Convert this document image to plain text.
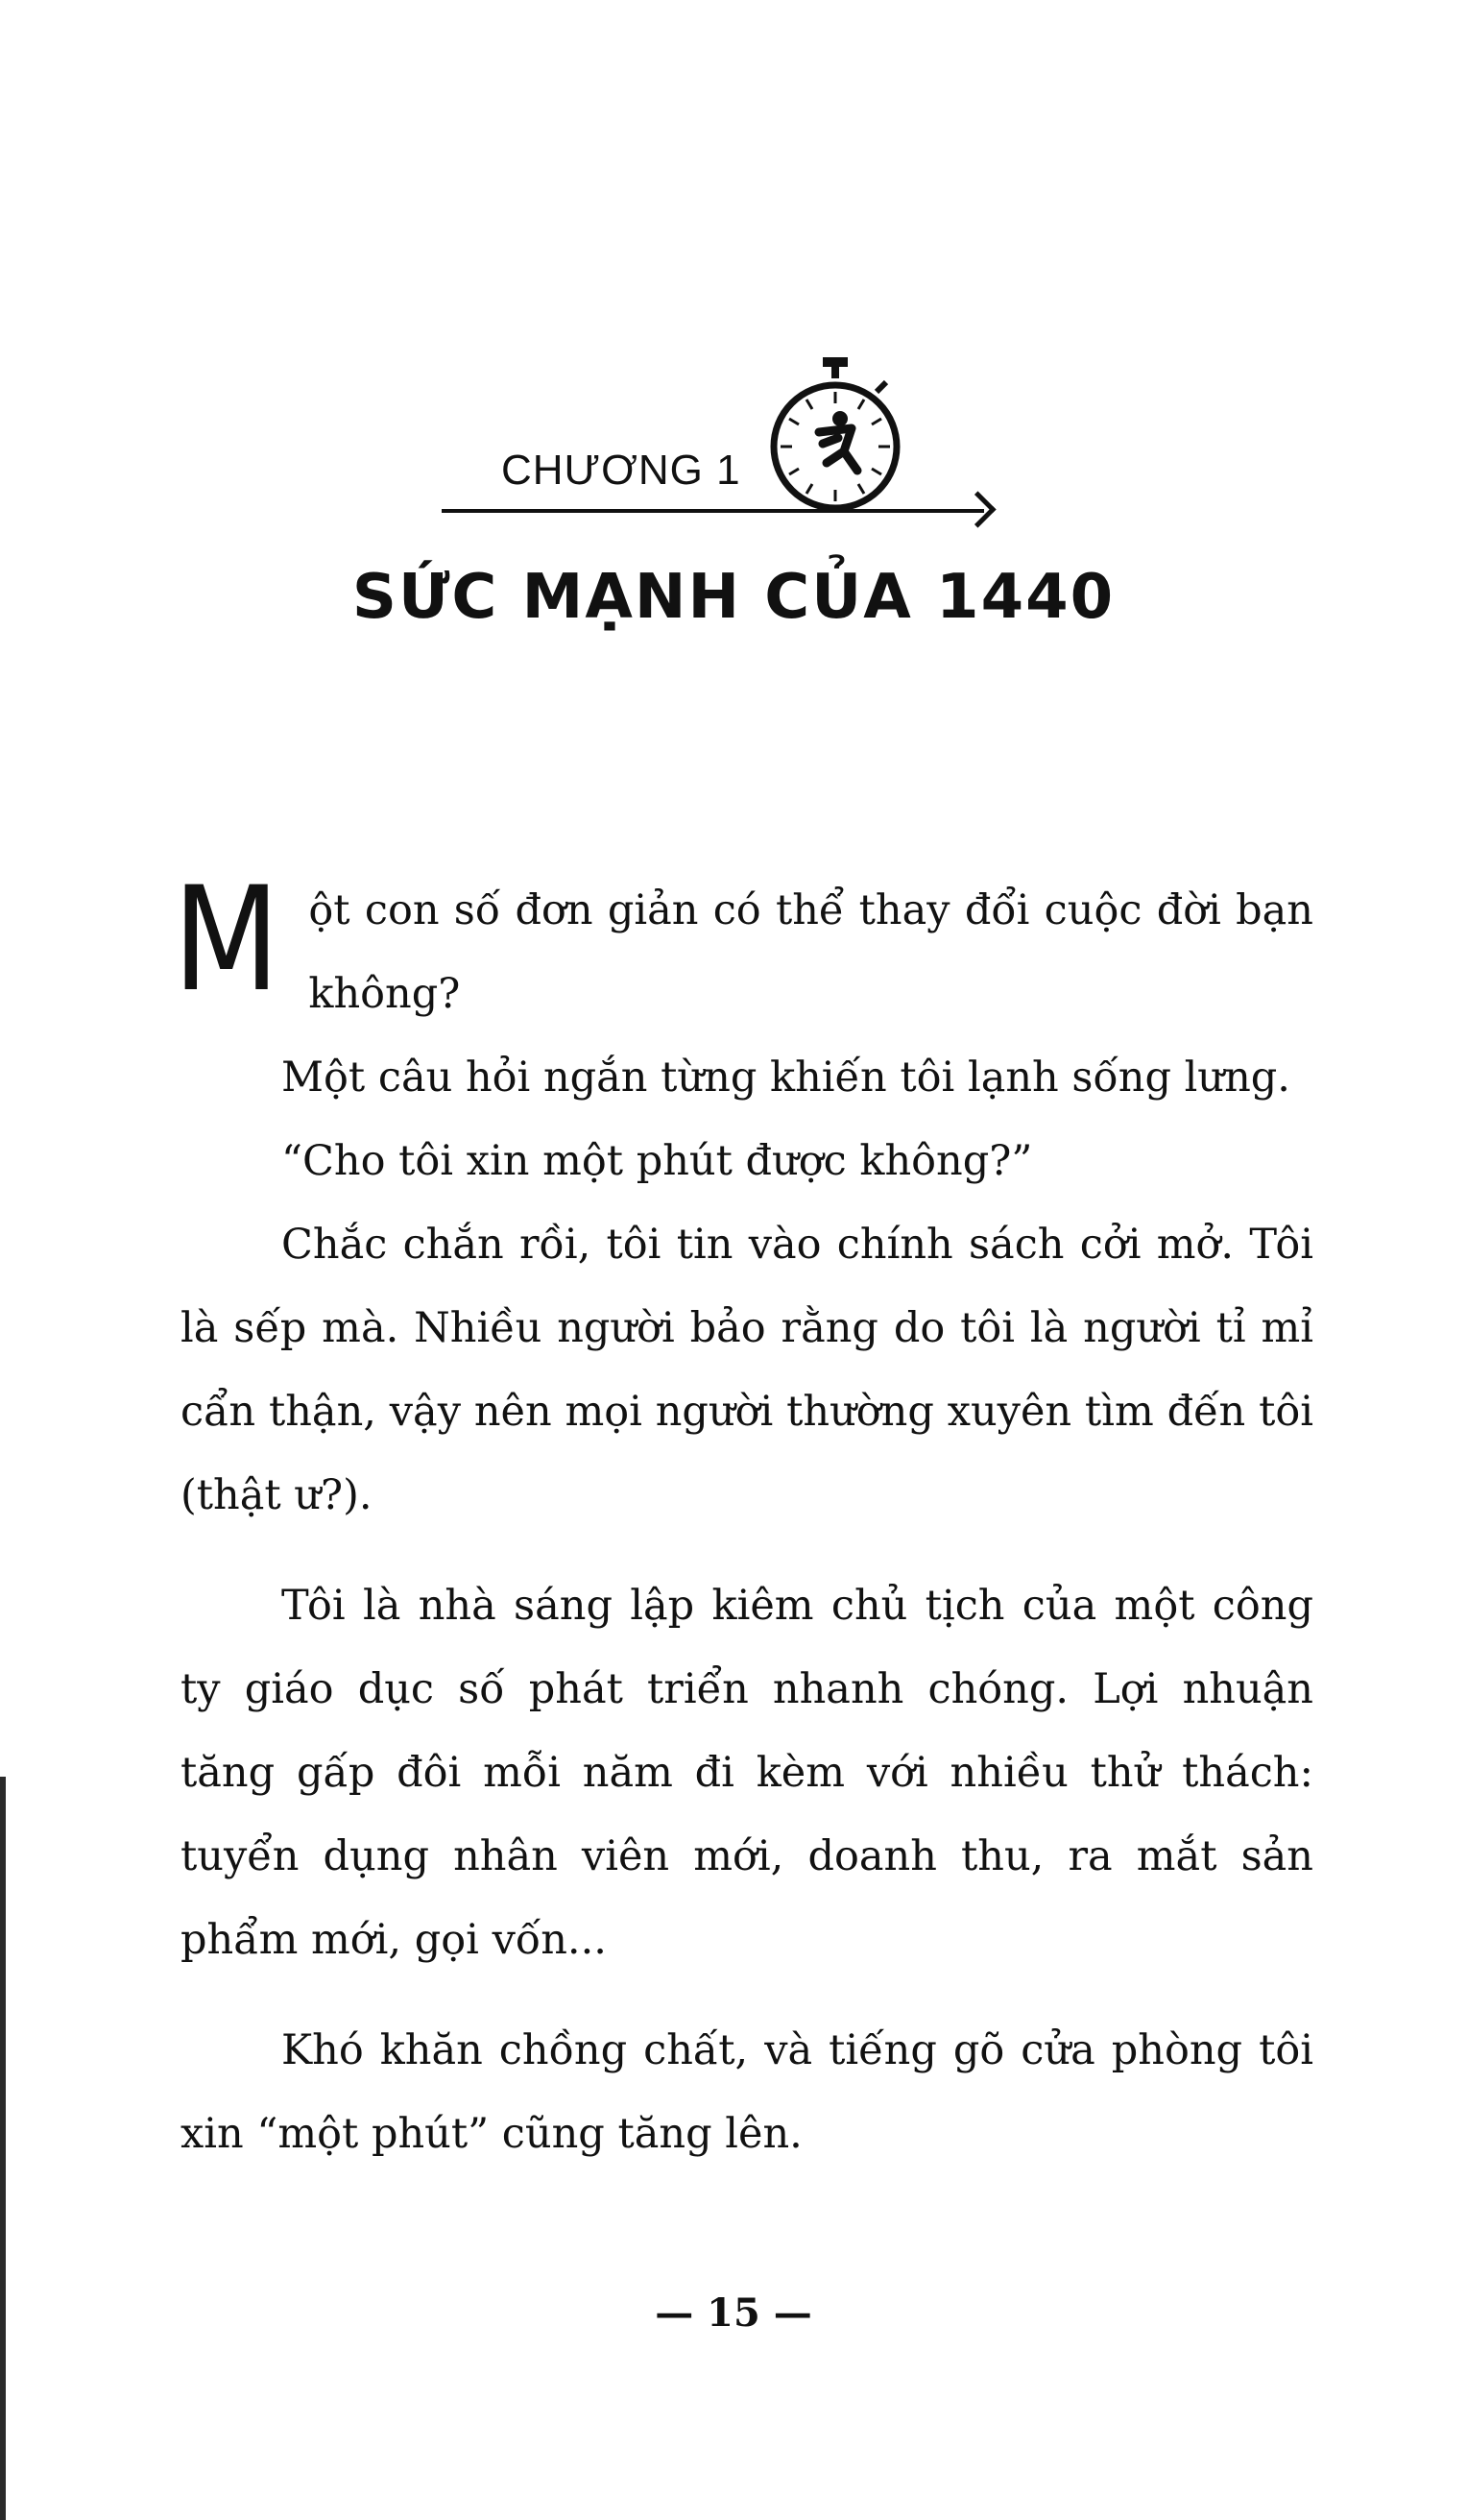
CHƯƠNG 1
SỨC MẠNH CỦA 1440

Một con số đơn giản có thể thay đổi cuộc đời bạn không?

Một câu hỏi ngắn từng khiến tôi lạnh sống lưng.

“Cho tôi xin một phút được không?”

Chắc chắn rồi, tôi tin vào chính sách cởi mở. Tôi là sếp mà. Nhiều người bảo rằng do tôi là người tỉ mỉ cẩn thận, vậy nên mọi người thường xuyên tìm đến tôi (thật ư?).

Tôi là nhà sáng lập kiêm chủ tịch của một công ty giáo dục số phát triển nhanh chóng. Lợi nhuận tăng gấp đôi mỗi năm đi kèm với nhiều thử thách: tuyển dụng nhân viên mới, doanh thu, ra mắt sản phẩm mới, gọi vốn...

Khó khăn chồng chất, và tiếng gõ cửa phòng tôi xin “một phút” cũng tăng lên.

— 15 —
